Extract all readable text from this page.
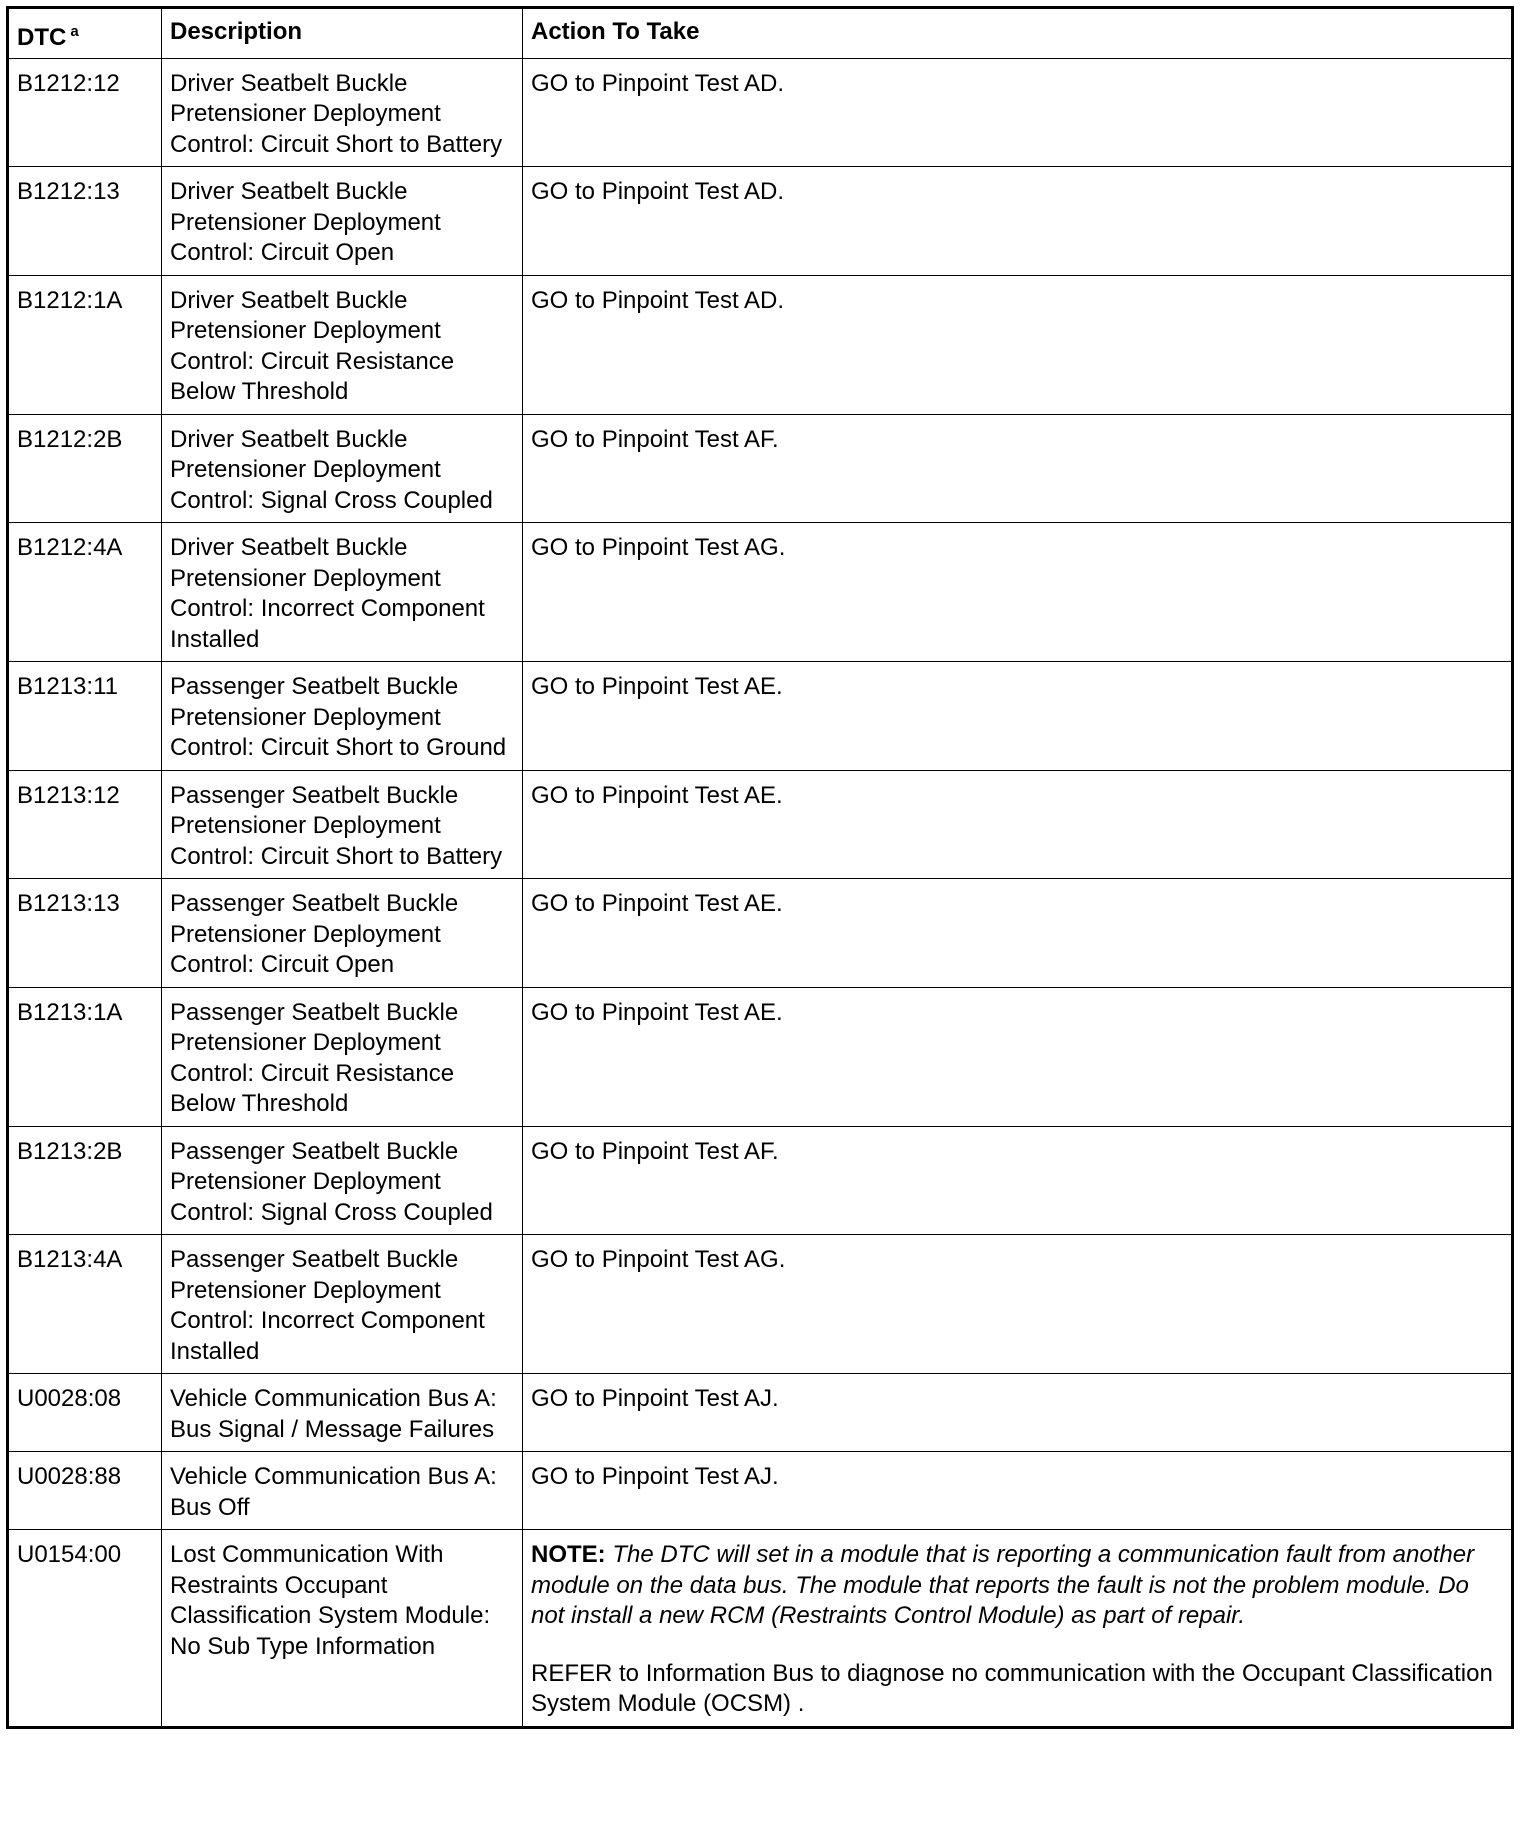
DTC $^a$	Description	Action To Take
B1212:12	Driver Seatbelt Buckle Pretensioner Deployment Control: Circuit Short to Battery	GO to Pinpoint Test AD.
B1212:13	Driver Seatbelt Buckle Pretensioner Deployment Control: Circuit Open	GO to Pinpoint Test AD.
B1212:1A	Driver Seatbelt Buckle Pretensioner Deployment Control: Circuit Resistance Below Threshold	GO to Pinpoint Test AD.
B1212:2B	Driver Seatbelt Buckle Pretensioner Deployment Control: Signal Cross Coupled	GO to Pinpoint Test AF.
B1212:4A	Driver Seatbelt Buckle Pretensioner Deployment Control: Incorrect Component Installed	GO to Pinpoint Test AG.
B1213:11	Passenger Seatbelt Buckle Pretensioner Deployment Control: Circuit Short to Ground	GO to Pinpoint Test AE.
B1213:12	Passenger Seatbelt Buckle Pretensioner Deployment Control: Circuit Short to Battery	GO to Pinpoint Test AE.
B1213:13	Passenger Seatbelt Buckle Pretensioner Deployment Control: Circuit Open	GO to Pinpoint Test AE.
B1213:1A	Passenger Seatbelt Buckle Pretensioner Deployment Control: Circuit Resistance Below Threshold	GO to Pinpoint Test AE.
B1213:2B	Passenger Seatbelt Buckle Pretensioner Deployment Control: Signal Cross Coupled	GO to Pinpoint Test AF.
B1213:4A	Passenger Seatbelt Buckle Pretensioner Deployment Control: Incorrect Component Installed	GO to Pinpoint Test AG.
U0028:08	Vehicle Communication Bus A: Bus Signal / Message Failures	GO to Pinpoint Test AJ.
U0028:88	Vehicle Communication Bus A: Bus Off	GO to Pinpoint Test AJ.
U0154:00	Lost Communication With Restraints Occupant Classification System Module: No Sub Type Information	NOTE: The DTC will set in a module that is reporting a communication fault from another module on the data bus. The module that reports the fault is not the problem module. Do not install a new RCM (Restraints Control Module) as part of repair.
REFER to Information Bus to diagnose no communication with the Occupant Classification System Module (OCSM) .
